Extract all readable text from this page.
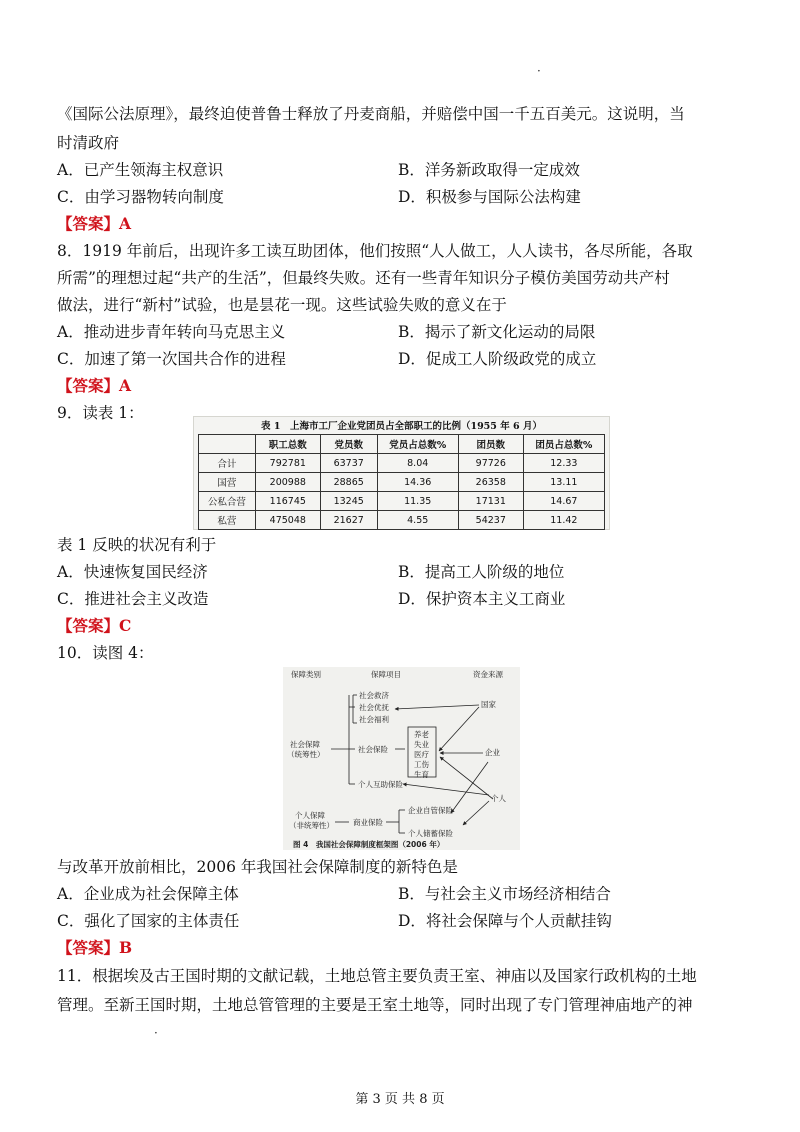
·
《国际公法原理》，最终迫使普鲁士释放了丹麦商船，并赔偿中国一千五百美元。这说明，当
时清政府
A．已产生领海主权意识	B．洋务新政取得一定成效
C．由学习器物转向制度	D．积极参与国际公法构建
【答案】A
8．1919 年前后，出现许多工读互助团体，他们按照“人人做工，人人读书，各尽所能，各取
所需”的理想过起“共产的生活”，但最终失败。还有一些青年知识分子模仿美国劳动共产村
做法，进行“新村”试验，也是昙花一现。这些试验失败的意义在于
A．推动进步青年转向马克思主义	B．揭示了新文化运动的局限
C．加速了第一次国共合作的进程	D．促成工人阶级政党的成立
【答案】A
9．读表 1：
表 1　上海市工厂企业党团员占全部职工的比例（1955 年 6 月）
	职工总数	党员数	党员占总数%	团员数	团员占总数%
合计	792781	63737	8.04	97726	12.33
国营	200988	28865	14.36	26358	13.11
公私合营	116745	13245	11.35	17131	14.67
私营	475048	21627	4.55	54237	11.42
表 1 反映的状况有利于
A．快速恢复国民经济	B．提高工人阶级的地位
C．推进社会主义改造	D．保护资本主义工商业
【答案】C
10．读图 4：
保障类别	保障项目	资金来源
社会保障
（统筹性）
社会救济
社会优抚
社会福利
社会保险
个人互助保险
养老
失业
医疗
工伤
生育
个人保障
（非统筹性）	商业保险
企业自管保险
个人储蓄保险
国家
企业
个人
图 4　我国社会保障制度框架图（2006 年）
与改革开放前相比，2006 年我国社会保障制度的新特色是
A．企业成为社会保障主体	B．与社会主义市场经济相结合
C．强化了国家的主体责任	D．将社会保障与个人贡献挂钩
【答案】B
11．根据埃及古王国时期的文献记载，土地总管主要负责王室、神庙以及国家行政机构的土地
管理。至新王国时期，土地总管管理的主要是王室土地等，同时出现了专门管理神庙地产的神
·
第 3 页 共 8 页
